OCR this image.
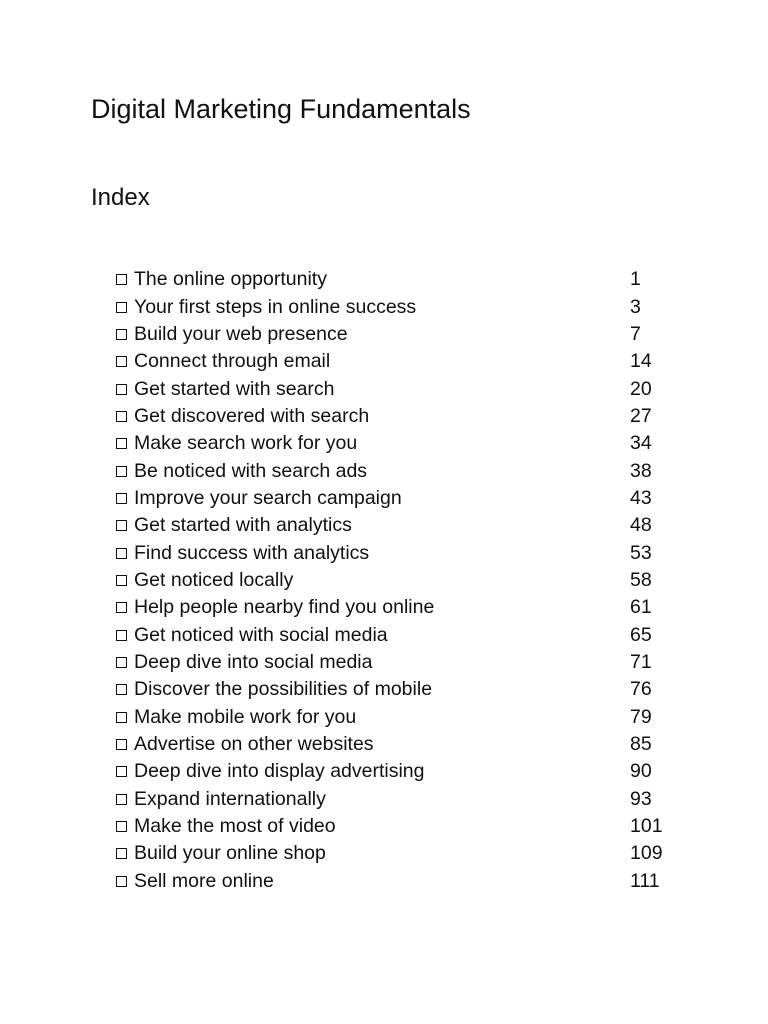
Digital Marketing Fundamentals
Index
The online opportunity	1
Your first steps in online success	3
Build your web presence	7
Connect through email	14
Get started with search	20
Get discovered with search	27
Make search work for you	34
Be noticed with search ads	38
Improve your search campaign	43
Get started with analytics	48
Find success with analytics	53
Get noticed locally	58
Help people nearby find you online	61
Get noticed with social media	65
Deep dive into social media	71
Discover the possibilities of mobile	76
Make mobile work for you	79
Advertise on other websites	85
Deep dive into display advertising	90
Expand internationally	93
Make the most of video	101
Build your online shop	109
Sell more online	111
